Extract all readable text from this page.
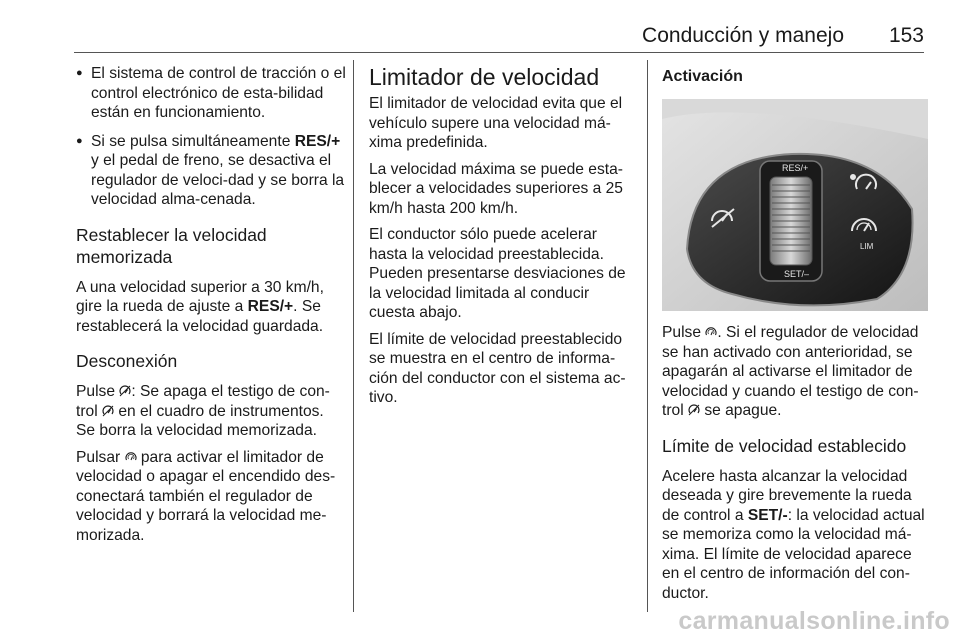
Conducción y manejo 153
● El sistema de control de tracción o el control electrónico de esta-bilidad están en funcionamiento.
● Si se pulsa simultáneamente RES/+ y el pedal de freno, se desactiva el regulador de veloci-dad y se borra la velocidad alma-cenada.
Restablecer la velocidad memorizada

A una velocidad superior a 30 km/h, gire la rueda de ajuste a RES/+. Se restablecerá la velocidad guardada.

Desconexión

Pulse : Se apaga el testigo de con-trol  en el cuadro de instrumentos. Se borra la velocidad memorizada.

Pulsar  para activar el limitador de velocidad o apagar el encendido des-conectará también el regulador de velocidad y borrará la velocidad me-morizada.

Limitador de velocidad

El limitador de velocidad evita que el vehículo supere una velocidad má-xima predefinida.

La velocidad máxima se puede esta-blecer a velocidades superiores a 25 km/h hasta 200 km/h.

El conductor sólo puede acelerar hasta la velocidad preestablecida. Pueden presentarse desviaciones de la velocidad limitada al conducir cuesta abajo.

El límite de velocidad preestablecido se muestra en el centro de informa-ción del conductor con el sistema ac-tivo.

Activación
RES/+
SET/–
LIM

Pulse . Si el regulador de velocidad se han activado con anterioridad, se apagarán al activarse el limitador de velocidad y cuando el testigo de con-trol  se apague.

Límite de velocidad establecido

Acelere hasta alcanzar la velocidad deseada y gire brevemente la rueda de control a SET/-: la velocidad actual se memoriza como la velocidad má-xima. El límite de velocidad aparece en el centro de información del con-ductor.

carmanualsonline.info
